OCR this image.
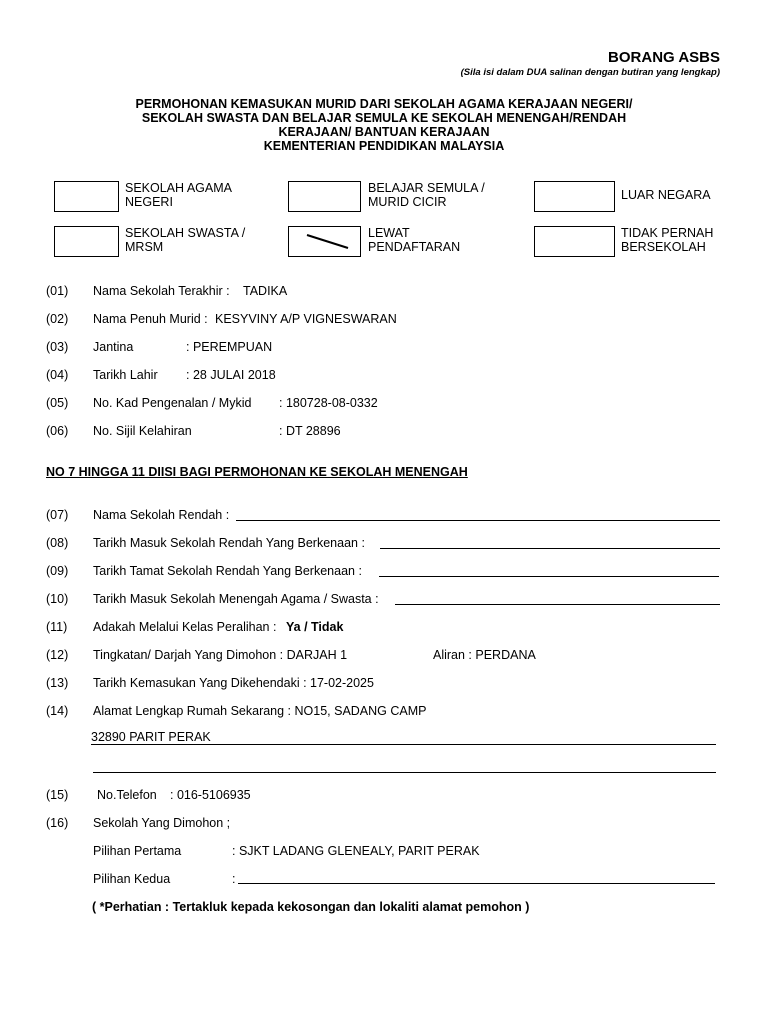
BORANG ASBS
(Sila isi dalam DUA salinan dengan butiran yang lengkap)
PERMOHONAN KEMASUKAN MURID DARI SEKOLAH AGAMA KERAJAAN NEGERI/
SEKOLAH SWASTA DAN BELAJAR SEMULA KE SEKOLAH MENENGAH/RENDAH
KERAJAAN/ BANTUAN KERAJAAN
KEMENTERIAN PENDIDIKAN MALAYSIA
SEKOLAH AGAMA
NEGERI
BELAJAR SEMULA /
MURID CICIR	LUAR NEGARA
SEKOLAH SWASTA /
MRSM
LEWAT
PENDAFTARAN
TIDAK PERNAH
BERSEKOLAH
(01) Nama Sekolah Terakhir : TADIKA
(02) Nama Penuh Murid : KESYVINY A/P VIGNESWARAN
(03) Jantina	: PEREMPUAN
(04) Tarikh Lahir : 28 JULAI 2018
(05) No. Kad Pengenalan / Mykid : 180728-08-0332
(06) No. Sijil Kelahiran	: DT 28896
NO 7 HINGGA 11 DIISI BAGI PERMOHONAN KE SEKOLAH MENENGAH
(07) Nama Sekolah Rendah :
(08) Tarikh Masuk Sekolah Rendah Yang Berkenaan :
(09) Tarikh Tamat Sekolah Rendah Yang Berkenaan :
(10) Tarikh Masuk Sekolah Menengah Agama / Swasta :
(11) Adakah Melalui Kelas Peralihan : Ya / Tidak
(12) Tingkatan/ Darjah Yang Dimohon : DARJAH 1	Aliran : PERDANA
(13) Tarikh Kemasukan Yang Dikehendaki : 17-02-2025
(14) Alamat Lengkap Rumah Sekarang : NO15, SADANG CAMP
32890 PARIT PERAK
(15) No.Telefon : 016-5106935
(16) Sekolah Yang Dimohon ;
Pilihan Pertama	: SJKT LADANG GLENEALY, PARIT PERAK
Pilihan Kedua	:
( *Perhatian : Tertakluk kepada kekosongan dan lokaliti alamat pemohon )
